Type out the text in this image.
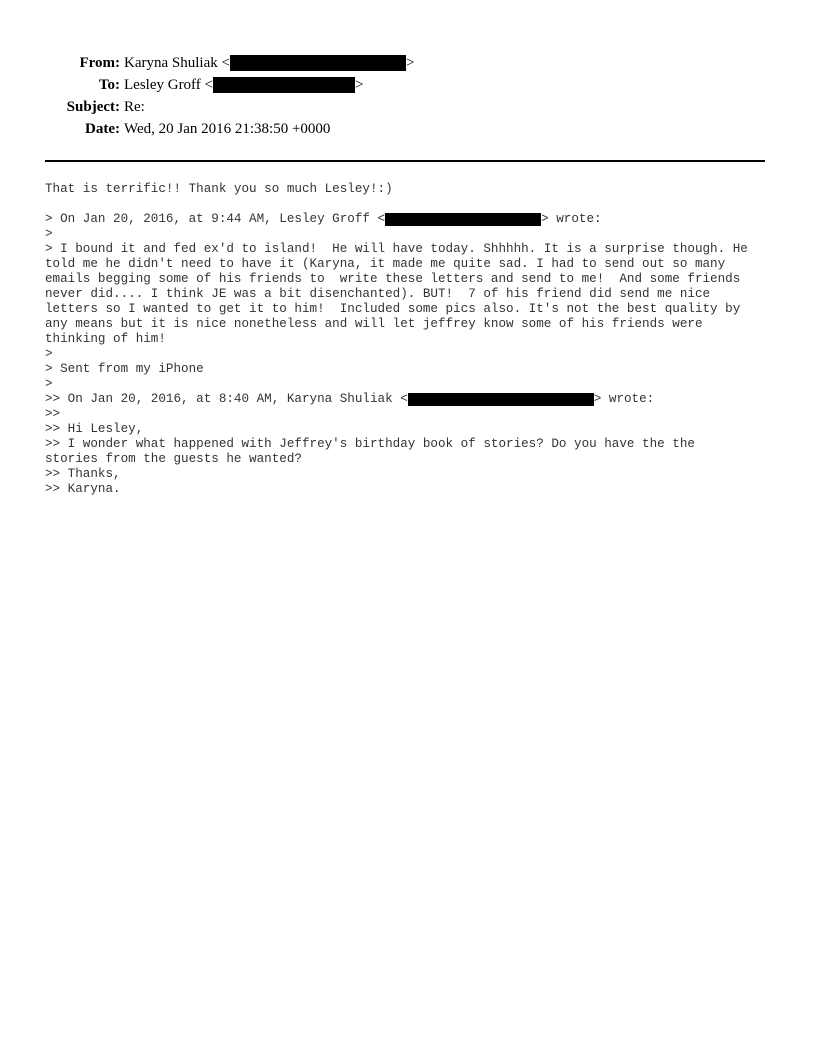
From: Karyna Shuliak <	>
To: Lesley Groff <	>
Subject: Re:
Date: Wed, 20 Jan 2016 21:38:50 +0000
That is terrific!! Thank you so much Lesley!:)
> On Jan 20, 2016, at 9:44 AM, Lesley Groff <	> wrote:
>
> I bound it and fed ex'd to island!  He will have today. Shhhhh. It is a surprise though. He
told me he didn't need to have it (Karyna, it made me quite sad. I had to send out so many
emails begging some of his friends to  write these letters and send to me!  And some friends
never did.... I think JE was a bit disenchanted). BUT!  7 of his friend did send me nice
letters so I wanted to get it to him!  Included some pics also. It's not the best quality by
any means but it is nice nonetheless and will let jeffrey know some of his friends were
thinking of him!
>
> Sent from my iPhone
>
>> On Jan 20, 2016, at 8:40 AM, Karyna Shuliak <	> wrote:
>>
>> Hi Lesley,
>> I wonder what happened with Jeffrey's birthday book of stories? Do you have the the
stories from the guests he wanted?
>> Thanks,
>> Karyna.
